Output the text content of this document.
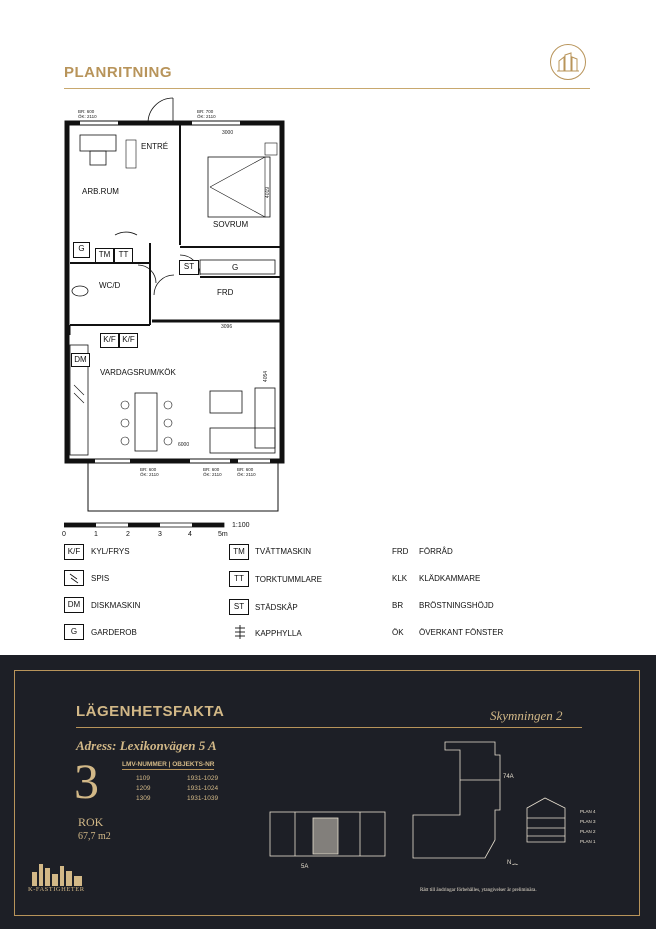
PLANRITNING
BR: 600
ÖK: 2110
BR: 700
ÖK: 2110
BR: 600
ÖK: 2110
BR: 600
ÖK: 2110
BR: 600
ÖK: 2110
3000
4019
3096
4054
6000
ENTRÉ
ARB.RUM
SOVRUM
WC/D
FRD
VARDAGSRUM/KÖK
G
TM	TT
ST	G
K/F K/F
DM
0	1	2	3	4	5m
1:100
K/F	KYL/FRYS
SPIS
DM	DISKMASKIN
G	GARDEROB
TM	TVÄTTMASKIN
TT	TORKTUMMLARE
ST	STÄDSKÅP
KAPPHYLLA
FRD FÖRRÅD
KLK KLÄDKAMMARE
BR BRÖSTNINGSHÖJD
ÖK ÖVERKANT FÖNSTER
LÄGENHETSFAKTA	Skymningen 2
Adress: Lexikonvägen 5 A
3
ROK
67,7 m2
LMV-NUMMER | OBJEKTS-NR
1109	1931-1029
1209	1931-1024
1309	1931-1039
5A
74A
N
PLAN 4
PLAN 3
PLAN 2
PLAN 1
Rätt till ändringar förbehålles, ytangivelser är preliminära.
K-FASTIGHETER
